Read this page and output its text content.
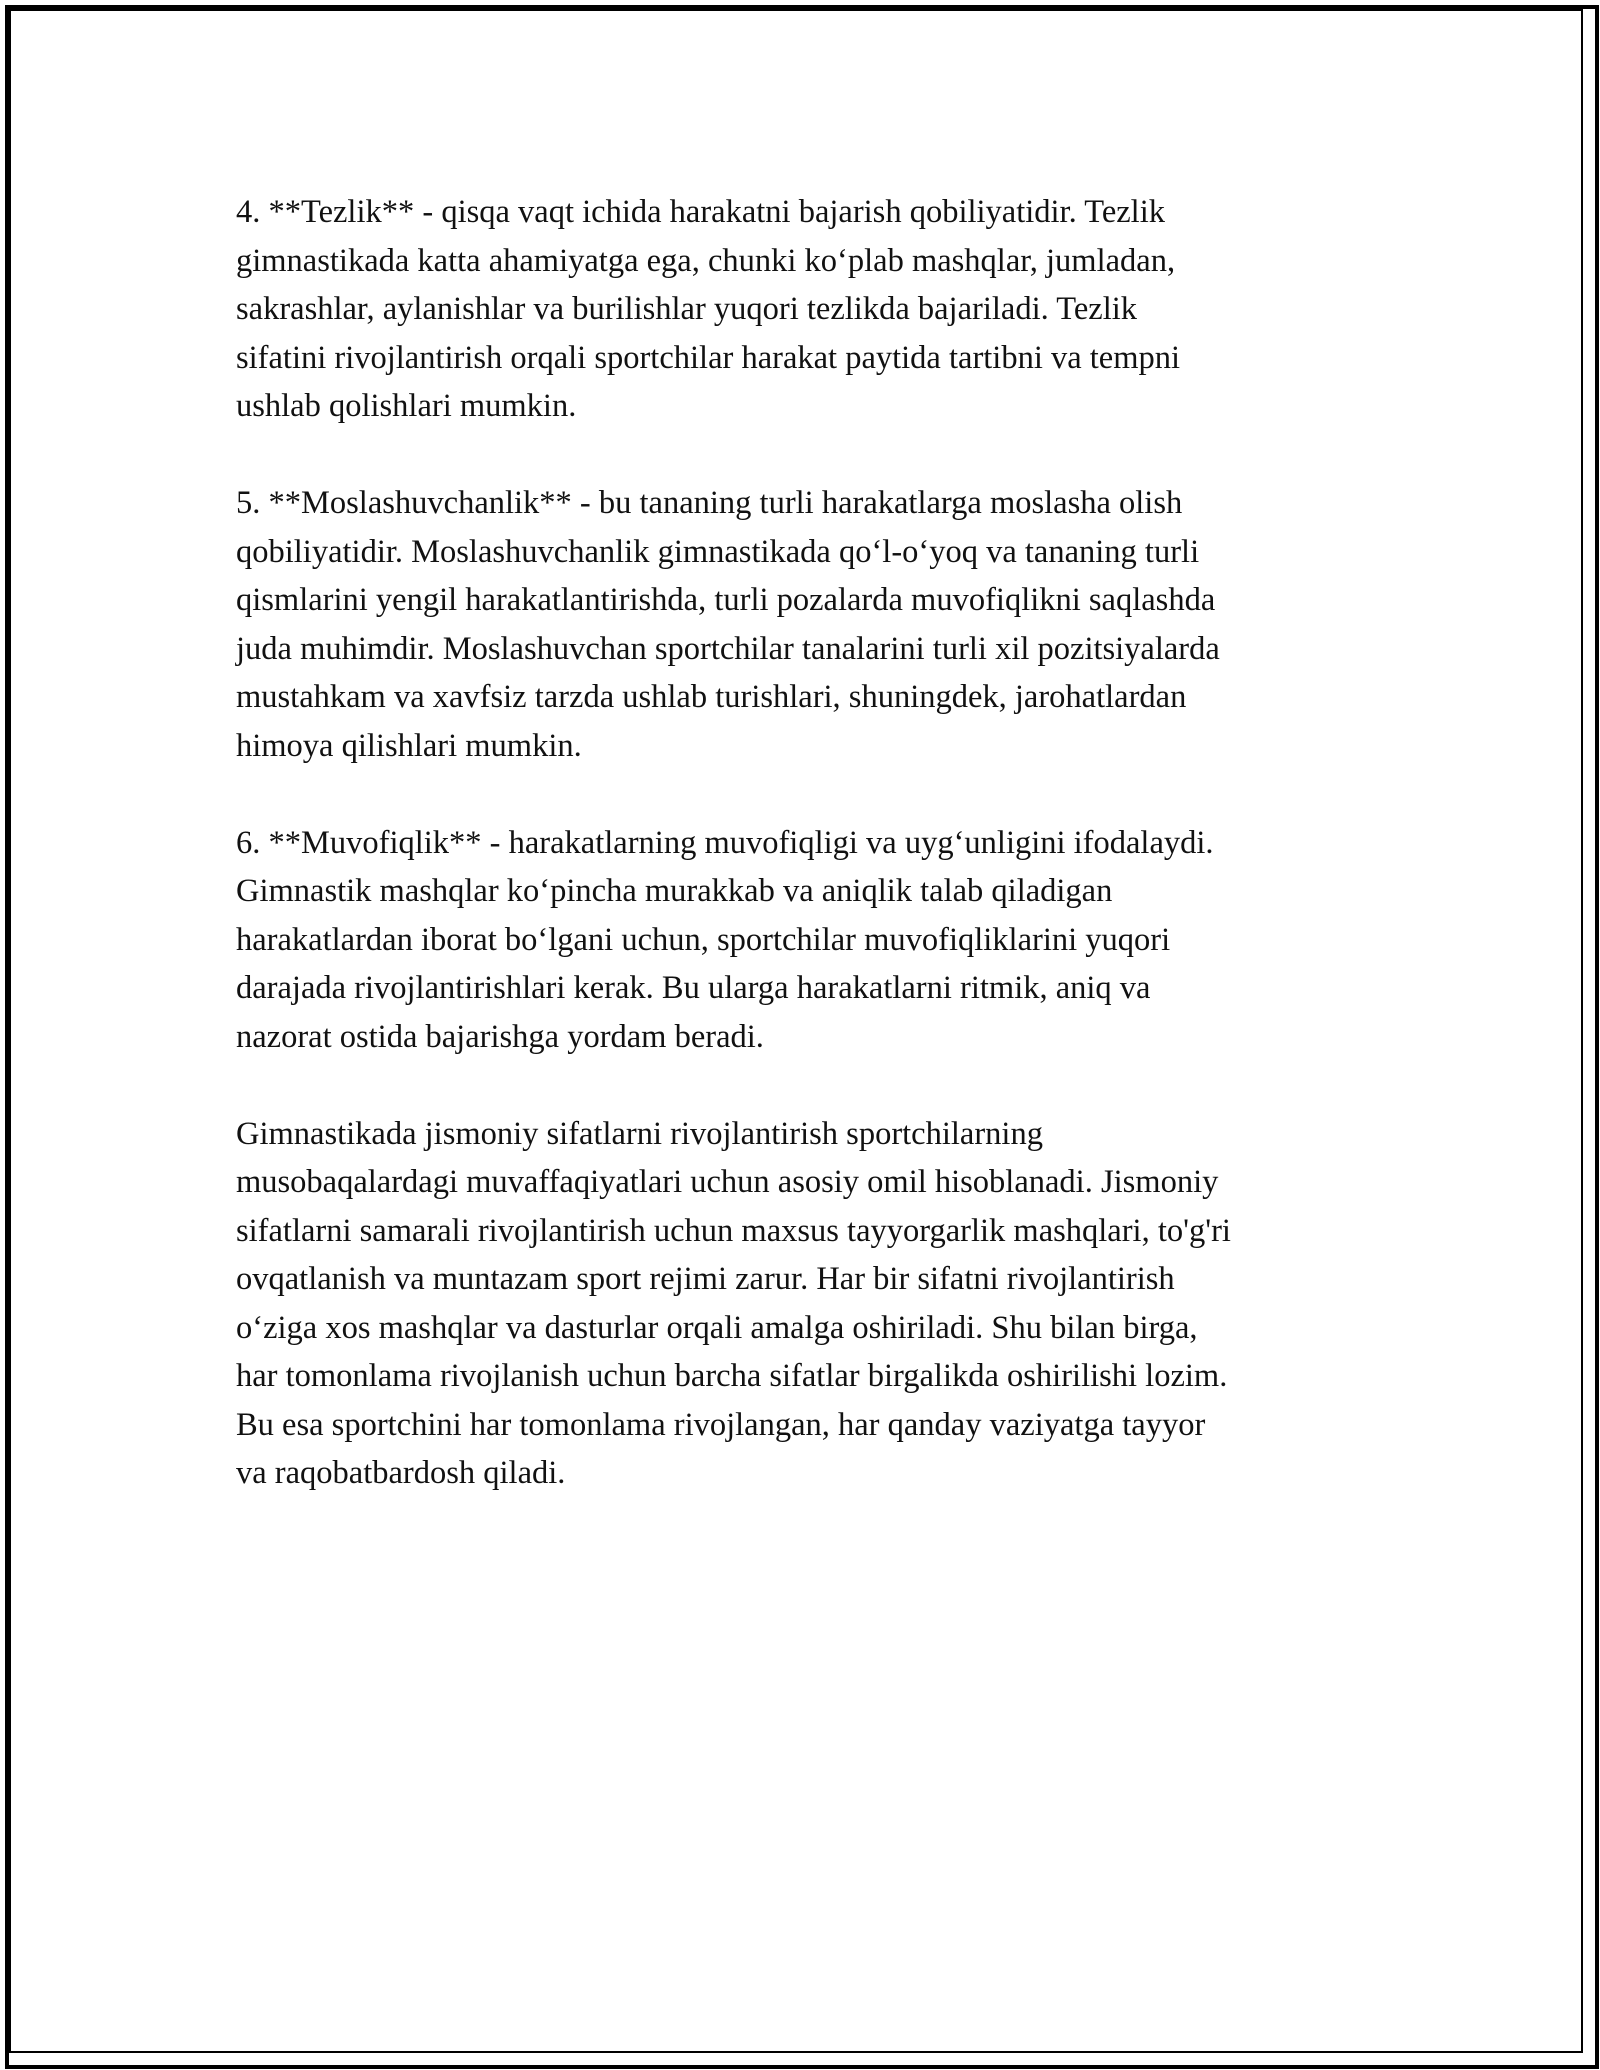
4. **Tezlik** - qisqa vaqt ichida harakatni bajarish qobiliyatidir. Tezlik
gimnastikada katta ahamiyatga ega, chunki ko‘plab mashqlar, jumladan,
sakrashlar, aylanishlar va burilishlar yuqori tezlikda bajariladi. Tezlik
sifatini rivojlantirish orqali sportchilar harakat paytida tartibni va tempni
ushlab qolishlari mumkin.

5. **Moslashuvchanlik** - bu tananing turli harakatlarga moslasha olish
qobiliyatidir. Moslashuvchanlik gimnastikada qo‘l-o‘yoq va tananing turli
qismlarini yengil harakatlantirishda, turli pozalarda muvofiqlikni saqlashda
juda muhimdir. Moslashuvchan sportchilar tanalarini turli xil pozitsiyalarda
mustahkam va xavfsiz tarzda ushlab turishlari, shuningdek, jarohatlardan
himoya qilishlari mumkin.

6. **Muvofiqlik** - harakatlarning muvofiqligi va uyg‘unligini ifodalaydi.
Gimnastik mashqlar ko‘pincha murakkab va aniqlik talab qiladigan
harakatlardan iborat bo‘lgani uchun, sportchilar muvofiqliklarini yuqori
darajada rivojlantirishlari kerak. Bu ularga harakatlarni ritmik, aniq va
nazorat ostida bajarishga yordam beradi.

Gimnastikada jismoniy sifatlarni rivojlantirish sportchilarning
musobaqalardagi muvaffaqiyatlari uchun asosiy omil hisoblanadi. Jismoniy
sifatlarni samarali rivojlantirish uchun maxsus tayyorgarlik mashqlari, to'g'ri
ovqatlanish va muntazam sport rejimi zarur. Har bir sifatni rivojlantirish
o‘ziga xos mashqlar va dasturlar orqali amalga oshiriladi. Shu bilan birga,
har tomonlama rivojlanish uchun barcha sifatlar birgalikda oshirilishi lozim.
Bu esa sportchini har tomonlama rivojlangan, har qanday vaziyatga tayyor
va raqobatbardosh qiladi.
